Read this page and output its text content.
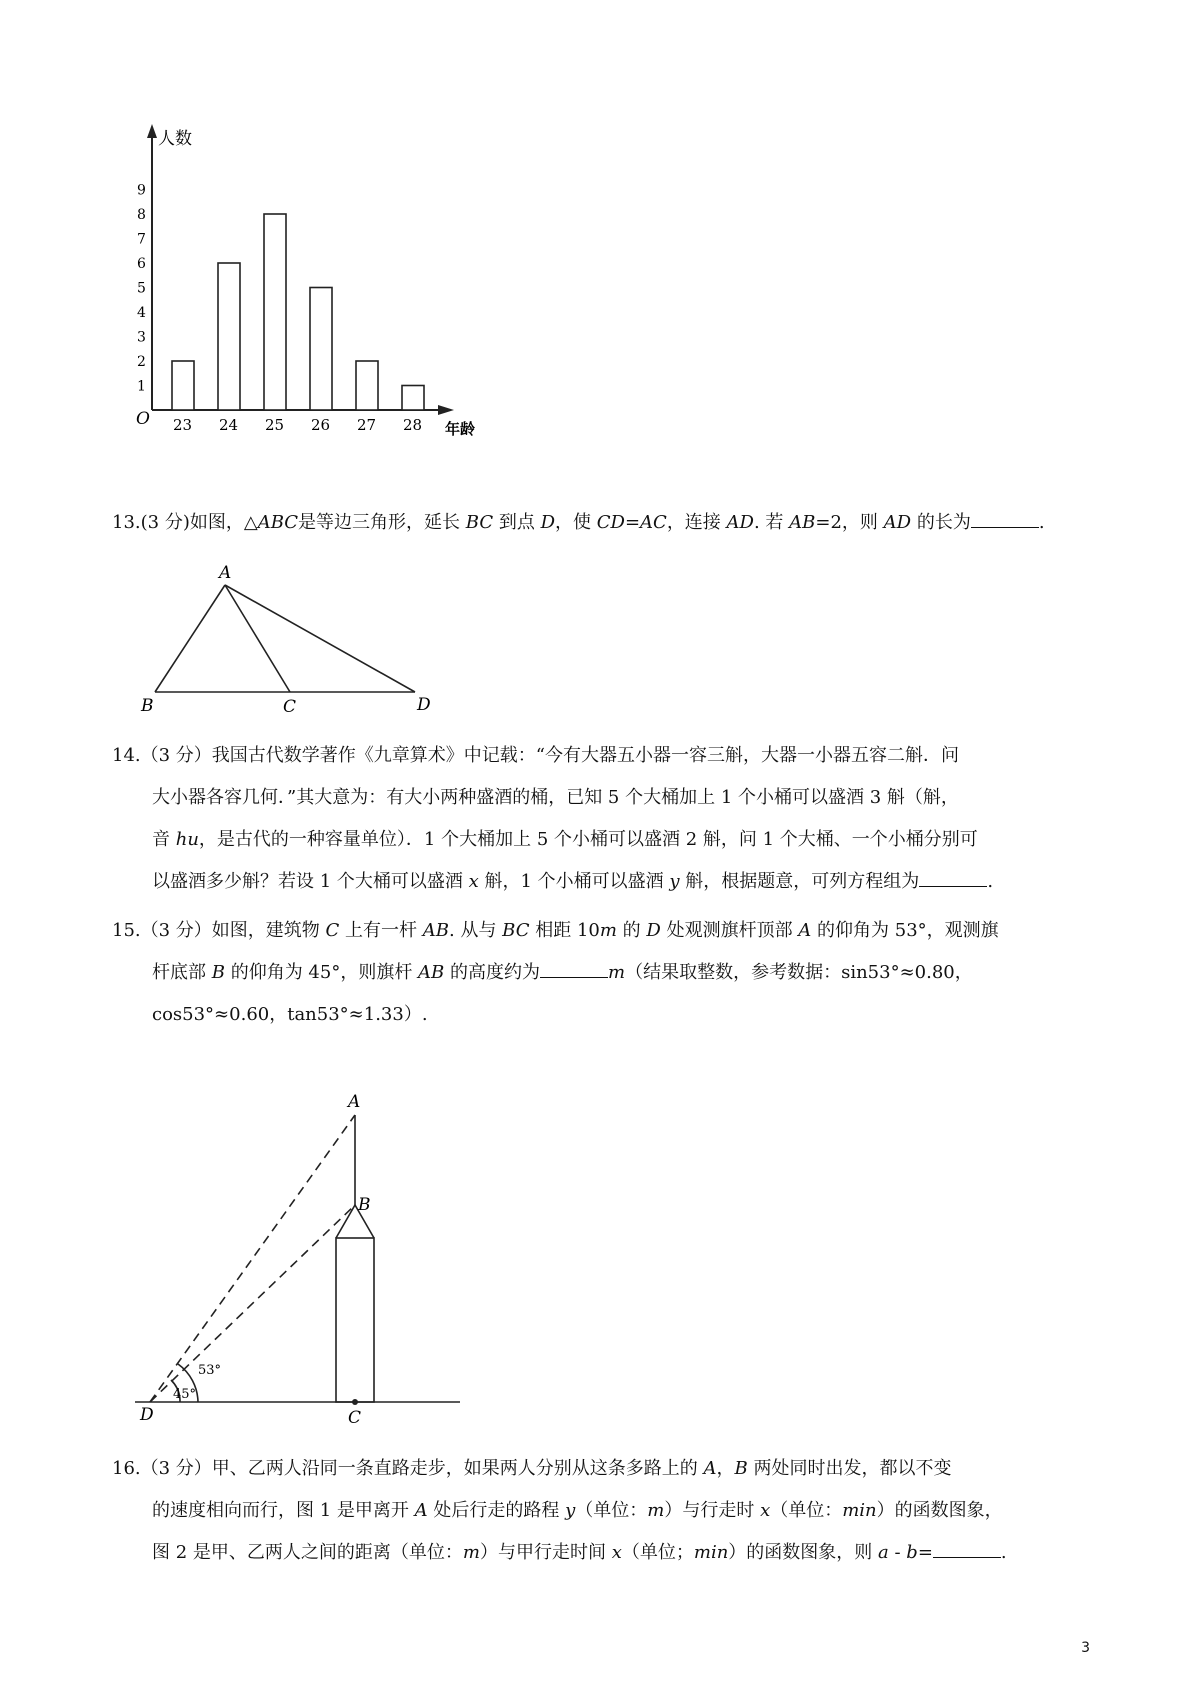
人数
年龄
O
1
2
3
4
5
6
7
8
9
23 24 25 26 27 28

13.(3 分)如图，△ABC是等边三角形，延长 BC 到点 D，使 CD=AC，连接 AD. 若 AB=2，则 AD 的长为	.

A
B	C	D

14.（3 分）我国古代数学著作《九章算术》中记载：“今有大器五小器一容三斛，大器一小器五容二斛．问

大小器各容几何．”其大意为：有大小两种盛酒的桶，已知 5 个大桶加上 1 个小桶可以盛酒 3 斛（斛，

音 hu，是古代的一种容量单位）．1 个大桶加上 5 个小桶可以盛酒 2 斛，问 1 个大桶、一个小桶分别可

以盛酒多少斛？若设 1 个大桶可以盛酒 x 斛，1 个小桶可以盛酒 y 斛，根据题意，可列方程组为	.

15.（3 分）如图，建筑物 C 上有一杆 AB. 从与 BC 相距 10m 的 D 处观测旗杆顶部 A 的仰角为 53°，观测旗

杆底部 B 的仰角为 45°，则旗杆 AB 的高度约为	m（结果取整数，参考数据：sin53°≈0.80，

cos53°≈0.60，tan53°≈1.33）.

A
B
C
D
53°
45°

16.（3 分）甲、乙两人沿同一条直路走步，如果两人分别从这条多路上的 A，B 两处同时出发，都以不变

的速度相向而行，图 1 是甲离开 A 处后行走的路程 y（单位：m）与行走时 x（单位：min）的函数图象，

图 2 是甲、乙两人之间的距离（单位：m）与甲行走时间 x（单位；min）的函数图象，则 a - b=	.

3
